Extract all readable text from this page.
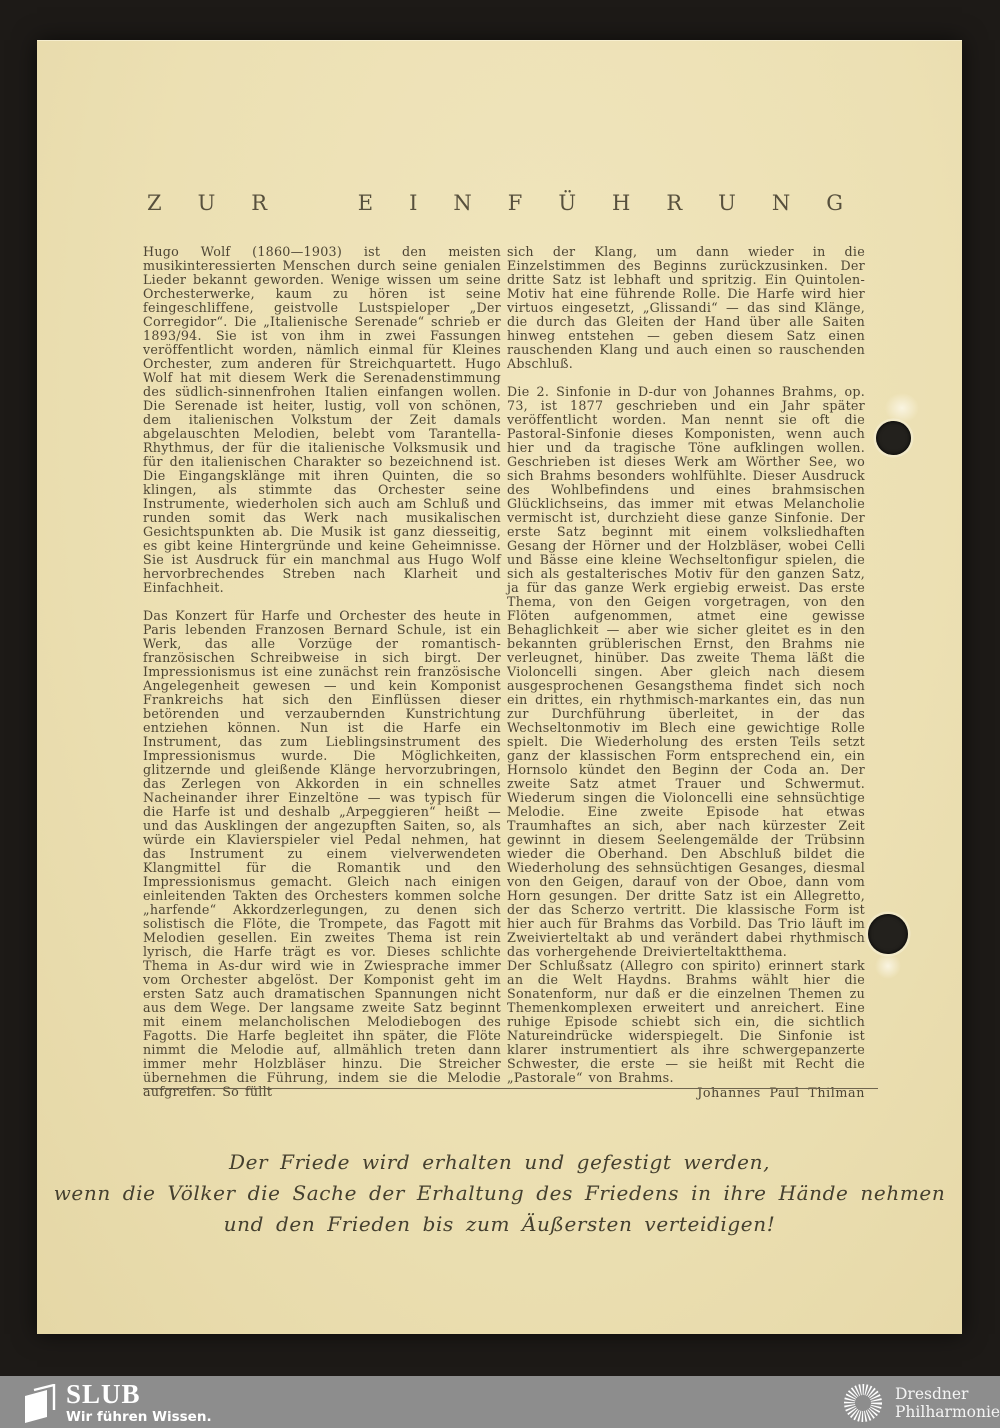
ZUR EINFÜHRUNG

Hugo Wolf (1860—1903) ist den meisten musikinteressierten Menschen durch seine genialen Lieder bekannt geworden. Wenige wissen um seine Orchesterwerke, kaum zu hören ist seine feingeschliffene, geistvolle Lustspieloper „Der Corregidor“. Die „Italienische Serenade“ schrieb er 1893/94. Sie ist von ihm in zwei Fassungen veröffentlicht worden, nämlich einmal für Kleines Orchester, zum anderen für Streichquartett. Hugo Wolf hat mit diesem Werk die Serenadenstimmung des südlich-sinnenfrohen Italien einfangen wollen. Die Serenade ist heiter, lustig, voll von schönen, dem italienischen Volkstum der Zeit damals abgelauschten Melodien, belebt vom Tarantella-Rhythmus, der für die italienische Volksmusik und für den italienischen Charakter so bezeichnend ist. Die Eingangsklänge mit ihren Quinten, die so klingen, als stimmte das Orchester seine Instrumente, wiederholen sich auch am Schluß und runden somit das Werk nach musikalischen Gesichtspunkten ab. Die Musik ist ganz diesseitig, es gibt keine Hintergründe und keine Geheimnisse. Sie ist Ausdruck für ein manchmal aus Hugo Wolf hervorbrechendes Streben nach Klarheit und Einfachheit.

Das Konzert für Harfe und Orchester des heute in Paris lebenden Franzosen Bernard Schule, ist ein Werk, das alle Vorzüge der romantisch-französischen Schreibweise in sich birgt. Der Impressionismus ist eine zunächst rein französische Angelegenheit gewesen — und kein Komponist Frankreichs hat sich den Einflüssen dieser betörenden und verzaubernden Kunstrichtung entziehen können. Nun ist die Harfe ein Instrument, das zum Lieblingsinstrument des Impressionismus wurde. Die Möglichkeiten, glitzernde und gleißende Klänge hervorzubringen, das Zerlegen von Akkorden in ein schnelles Nacheinander ihrer Einzeltöne — was typisch für die Harfe ist und deshalb „Arpeggieren“ heißt — und das Ausklingen der angezupften Saiten, so, als würde ein Klavierspieler viel Pedal nehmen, hat das Instrument zu einem vielverwendeten Klangmittel für die Romantik und den Impressionismus gemacht. Gleich nach einigen einleitenden Takten des Orchesters kommen solche „harfende“ Akkordzerlegungen, zu denen sich solistisch die Flöte, die Trompete, das Fagott mit Melodien gesellen. Ein zweites Thema ist rein lyrisch, die Harfe trägt es vor. Dieses schlichte Thema in As-dur wird wie in Zwiesprache immer vom Orchester abgelöst. Der Komponist geht im ersten Satz auch dramatischen Spannungen nicht aus dem Wege. Der langsame zweite Satz beginnt mit einem melancholischen Melodiebogen des Fagotts. Die Harfe begleitet ihn später, die Flöte nimmt die Melodie auf, allmählich treten dann immer mehr Holzbläser hinzu. Die Streicher übernehmen die Führung, indem sie die Melodie aufgreifen. So füllt

sich der Klang, um dann wieder in die Einzelstimmen des Beginns zurückzusinken. Der dritte Satz ist lebhaft und spritzig. Ein Quintolen-Motiv hat eine führende Rolle. Die Harfe wird hier virtuos eingesetzt, „Glissandi“ — das sind Klänge, die durch das Gleiten der Hand über alle Saiten hinweg entstehen — geben diesem Satz einen rauschenden Klang und auch einen so rauschenden Abschluß.

Die 2. Sinfonie in D-dur von Johannes Brahms, op. 73, ist 1877 geschrieben und ein Jahr später veröffentlicht worden. Man nennt sie oft die Pastoral-Sinfonie dieses Komponisten, wenn auch hier und da tragische Töne aufklingen wollen. Geschrieben ist dieses Werk am Wörther See, wo sich Brahms besonders wohlfühlte. Dieser Ausdruck des Wohlbefindens und eines brahmsischen Glücklichseins, das immer mit etwas Melancholie vermischt ist, durchzieht diese ganze Sinfonie. Der erste Satz beginnt mit einem volksliedhaften Gesang der Hörner und der Holzbläser, wobei Celli und Bässe eine kleine Wechseltonfigur spielen, die sich als gestalterisches Motiv für den ganzen Satz, ja für das ganze Werk ergiebig erweist. Das erste Thema, von den Geigen vorgetragen, von den Flöten aufgenommen, atmet eine gewisse Behaglichkeit — aber wie sicher gleitet es in den bekannten grüblerischen Ernst, den Brahms nie verleugnet, hinüber. Das zweite Thema läßt die Violoncelli singen. Aber gleich nach diesem ausgesprochenen Gesangsthema findet sich noch ein drittes, ein rhythmisch-markantes ein, das nun zur Durchführung überleitet, in der das Wechseltonmotiv im Blech eine gewichtige Rolle spielt. Die Wiederholung des ersten Teils setzt ganz der klassischen Form entsprechend ein, ein Hornsolo kündet den Beginn der Coda an. Der zweite Satz atmet Trauer und Schwermut. Wiederum singen die Violoncelli eine sehnsüchtige Melodie. Eine zweite Episode hat etwas Traumhaftes an sich, aber nach kürzester Zeit gewinnt in diesem Seelengemälde der Trübsinn wieder die Oberhand. Den Abschluß bildet die Wiederholung des sehnsüchtigen Gesanges, diesmal von den Geigen, darauf von der Oboe, dann vom Horn gesungen. Der dritte Satz ist ein Allegretto, der das Scherzo vertritt. Die klassische Form ist hier auch für Brahms das Vorbild. Das Trio läuft im Zweivierteltakt ab und verändert dabei rhythmisch das vorhergehende Dreivierteltaktthema.

Der Schlußsatz (Allegro con spirito) erinnert stark an die Welt Haydns. Brahms wählt hier die Sonatenform, nur daß er die einzelnen Themen zu Themenkomplexen erweitert und anreichert. Eine ruhige Episode schiebt sich ein, die sichtlich Natureindrücke widerspiegelt. Die Sinfonie ist klarer instrumentiert als ihre schwergepanzerte Schwester, die erste — sie heißt mit Recht die „Pastorale“ von Brahms.

Johannes Paul Thilman
Der Friede wird erhalten und gefestigt werden,
wenn die Völker die Sache der Erhaltung des Friedens in ihre Hände nehmen
und den Frieden bis zum Äußersten verteidigen!
SLUB
Wir führen Wissen.
Dresdner
Philharmonie
